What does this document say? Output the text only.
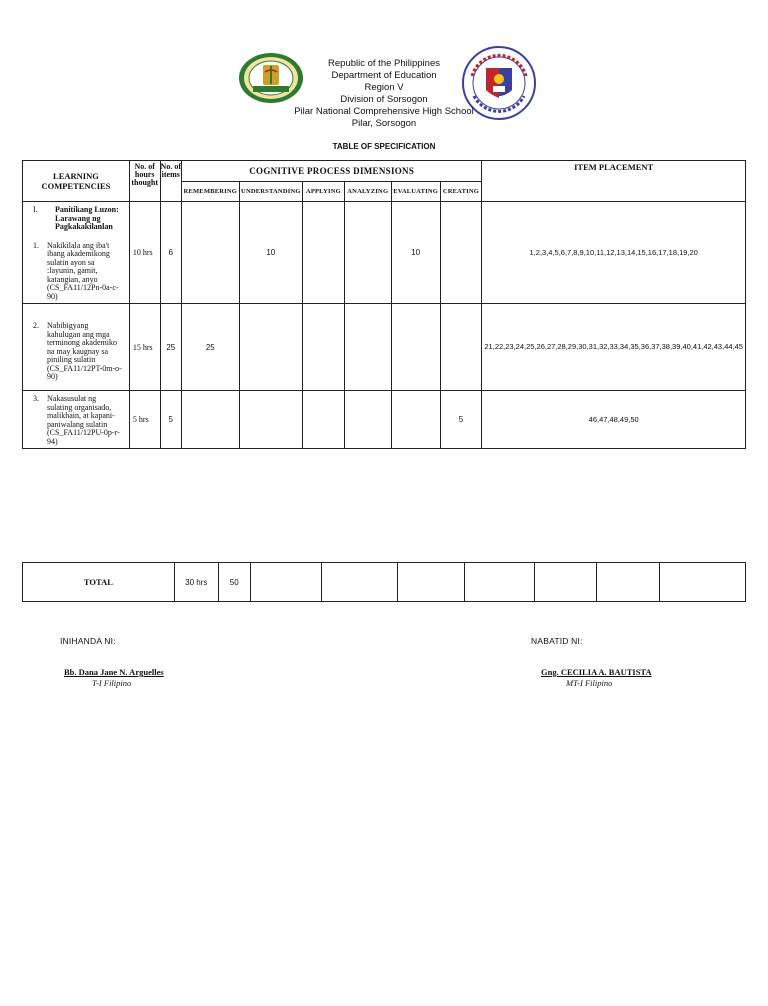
Republic of the Philippines
Department of Education
Region V
Division of Sorsogon
Pilar National Comprehensive High School
Pilar, Sorsogon
TABLE OF SPECIFICATION
LEARNING COMPETENCIES	No. of hours thought	No. of items	COGNITIVE PROCESS DIMENSIONS						ITEM PLACEMENT
			REMEMBERING	UNDERSTANDING	APPLYING	ANALYZING	EVALUATING	CREATING	

I. Panitikang Luzon: Larawang ng Pagkakakilanlan
1. Nakikilala ang iba't ibang akademikong sulatin ayon sa :layunin, gamit, katangian, anyo (CS_FA11/12Pn-0a-c-90)	10 hrs	6		10			10		1,2,3,4,5,6,7,8,9,10,11,12,13,14,15,16,17,18,19,20

2. Nabibigyang kahulugan ang mga terminong akademiko na may kaugnay sa piniling sulatin (CS_FA11/12PT-0m-o-90)	15 hrs	25	25						21,22,23,24,25,26,27,28,29,30,31,32,33,34,35,36,37,38,39,40,41,42,43,44,45

3. Nakasusulat ng sulating organisado, malikhain, at kapani-paniwalang sulatin (CS_FA11/12PU-0p-r-94)	5 hrs	5						5	46,47,48,49,50
TOTAL	30 hrs	50							
INIHANDA NI:
Bb. Dana Jane N. Arguelles
T-I Filipino
NABATID NI:
Gng. CECILIA A. BAUTISTA
MT-I Filipino
